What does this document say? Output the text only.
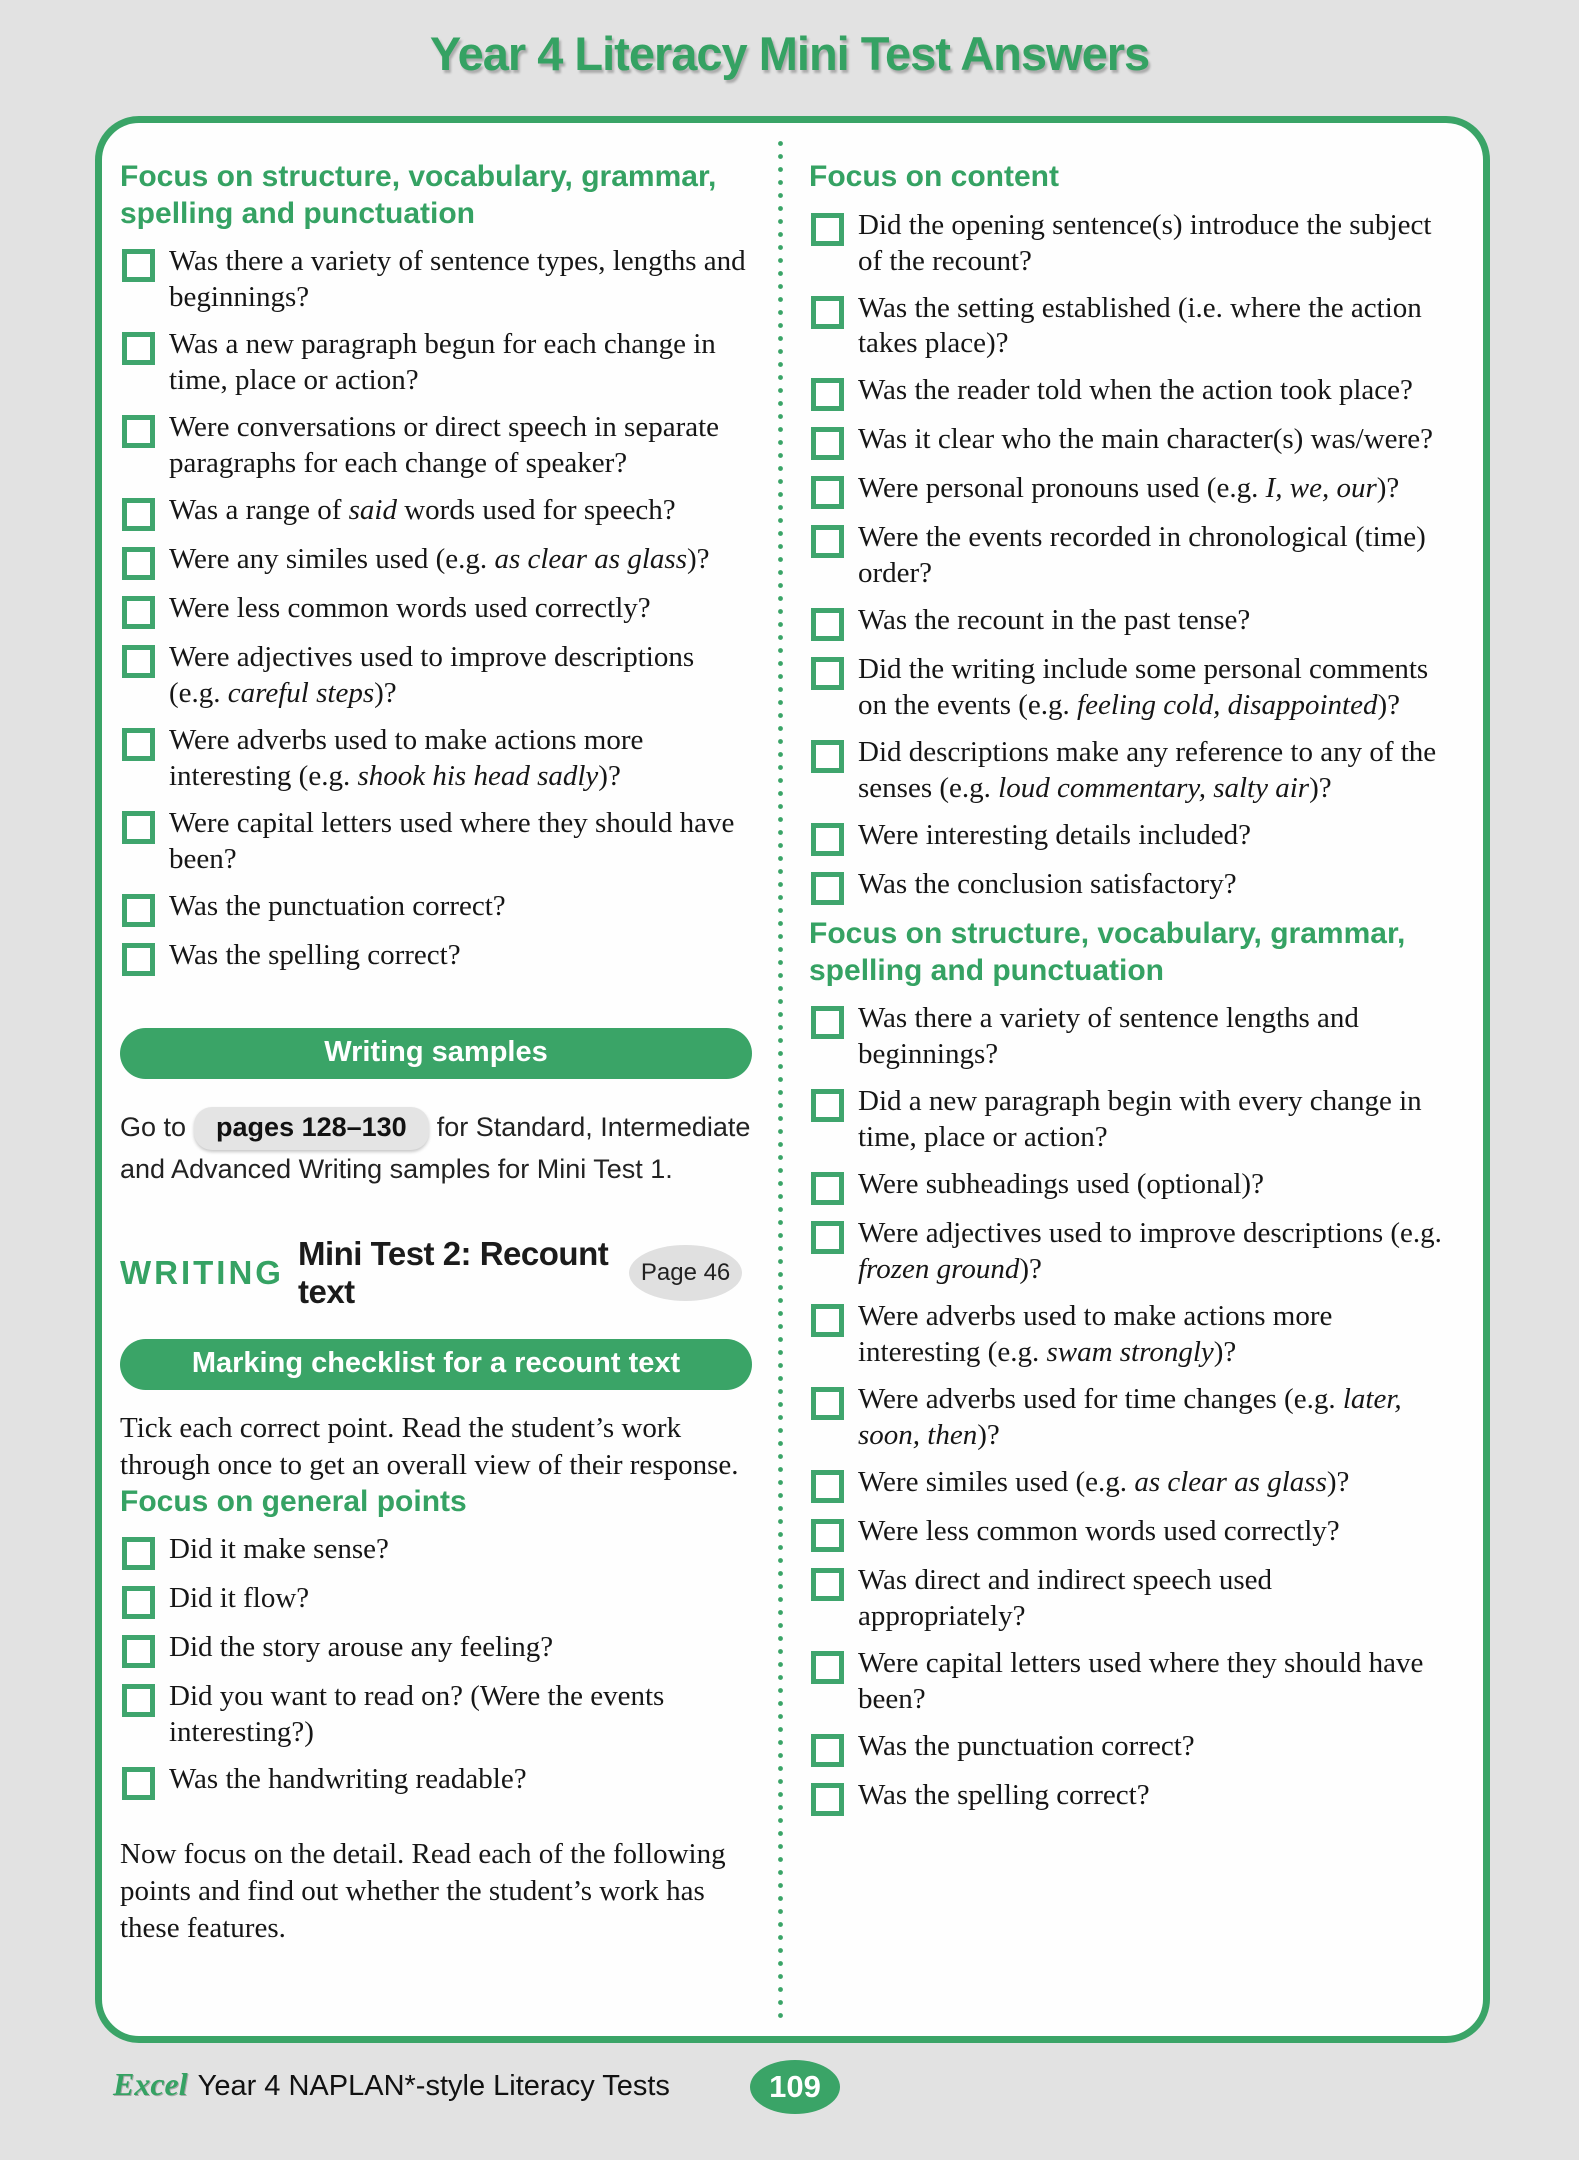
Year 4 Literacy Mini Test Answers
Focus on structure, vocabulary, grammar, spelling and punctuation
Was there a variety of sentence types, lengths and beginnings?
Was a new paragraph begun for each change in time, place or action?
Were conversations or direct speech in separate paragraphs for each change of speaker?
Was a range of said words used for speech?
Were any similes used (e.g. as clear as glass)?
Were less common words used correctly?
Were adjectives used to improve descriptions (e.g. careful steps)?
Were adverbs used to make actions more interesting (e.g. shook his head sadly)?
Were capital letters used where they should have been?
Was the punctuation correct?
Was the spelling correct?
Writing samples

Go to pages 128–130 for Standard, Intermediate and Advanced Writing samples for Mini Test 1.

WRITING
Mini Test 2: Recount text
Page 46
Marking checklist for a recount text

Tick each correct point. Read the student’s work through once to get an overall view of their response.

Focus on general points
Did it make sense?
Did it flow?
Did the story arouse any feeling?
Did you want to read on? (Were the events interesting?)
Was the handwriting readable?

Now focus on the detail. Read each of the following points and find out whether the student’s work has these features.

Focus on content
Did the opening sentence(s) introduce the subject of the recount?
Was the setting established (i.e. where the action takes place)?
Was the reader told when the action took place?
Was it clear who the main character(s) was/were?
Were personal pronouns used (e.g. I, we, our)?
Were the events recorded in chronological (time) order?
Was the recount in the past tense?
Did the writing include some personal comments on the events (e.g. feeling cold, disappointed)?
Did descriptions make any reference to any of the senses (e.g. loud commentary, salty air)?
Were interesting details included?
Was the conclusion satisfactory?
Focus on structure, vocabulary, grammar, spelling and punctuation
Was there a variety of sentence lengths and beginnings?
Did a new paragraph begin with every change in time, place or action?
Were subheadings used (optional)?
Were adjectives used to improve descriptions (e.g. frozen ground)?
Were adverbs used to make actions more interesting (e.g. swam strongly)?
Were adverbs used for time changes (e.g. later, soon, then)?
Were similes used (e.g. as clear as glass)?
Were less common words used correctly?
Was direct and indirect speech used appropriately?
Were capital letters used where they should have been?
Was the punctuation correct?
Was the spelling correct?
Excel Year 4 NAPLAN*-style Literacy Tests	109
